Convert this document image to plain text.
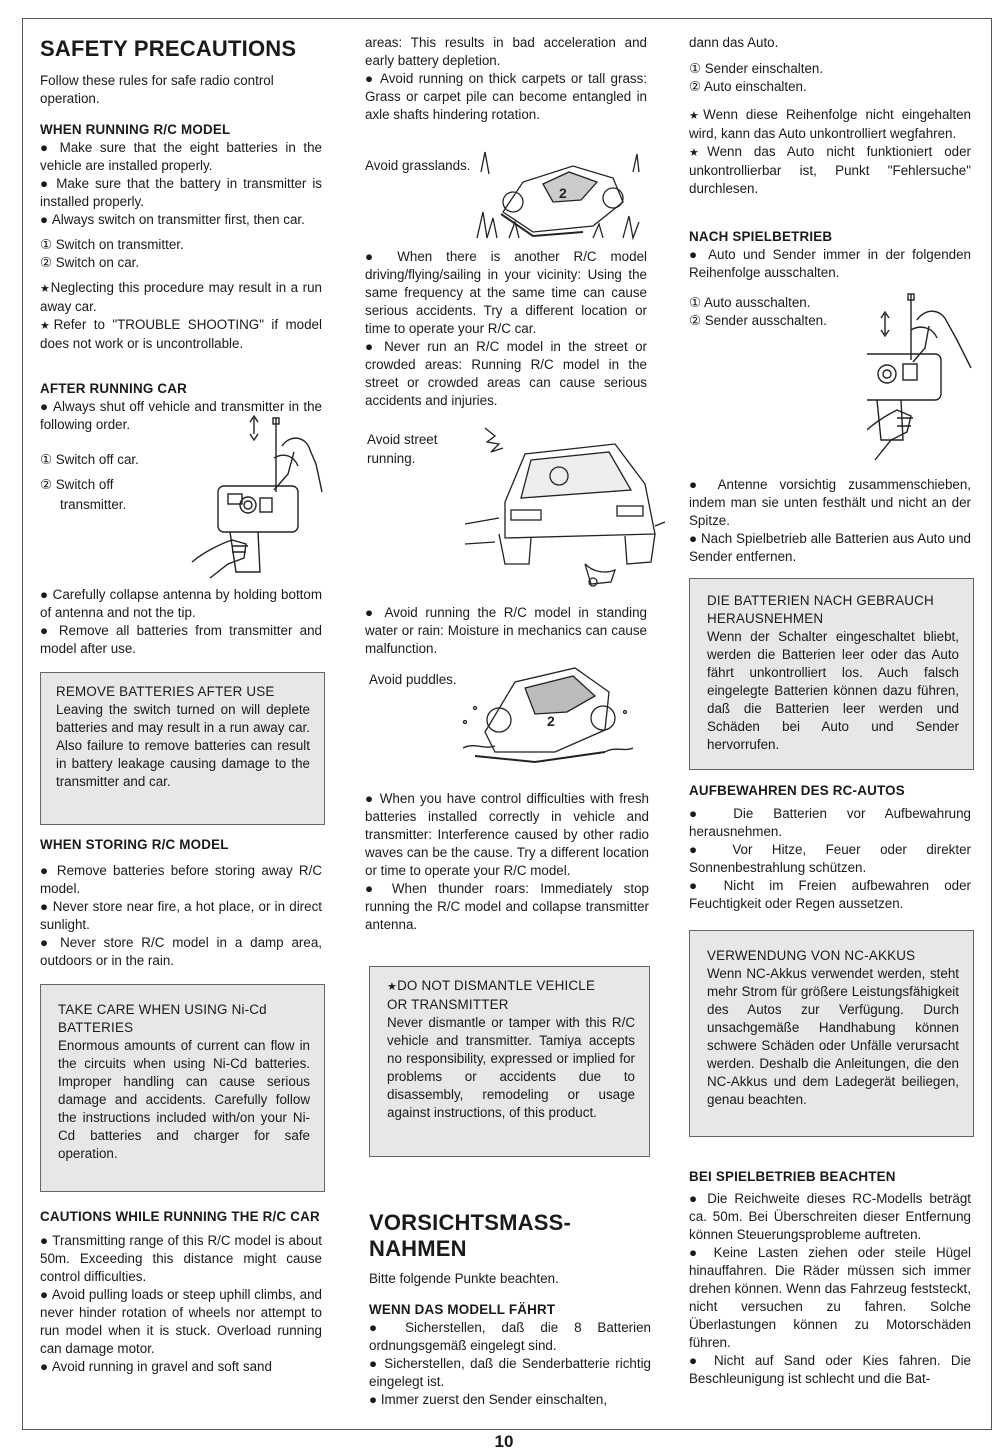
SAFETY PRECAUTIONS

Follow these rules for safe radio control operation.

WHEN RUNNING R/C MODEL

● Make sure that the eight batteries in the vehicle are installed properly.

● Make sure that the battery in transmitter is installed properly.

● Always switch on transmitter first, then car.

① Switch on transmitter.

② Switch on car.

★ Neglecting this procedure may result in a run away car.

★ Refer to "TROUBLE SHOOTING" if model does not work or is uncontrollable.

AFTER RUNNING CAR

● Always shut off vehicle and transmitter in the following order.

① Switch off car.

② Switch off

transmitter.

● Carefully collapse antenna by holding bottom of antenna and not the tip.

● Remove all batteries from transmitter and model after use.

REMOVE BATTERIES AFTER USE

Leaving the switch turned on will deplete batteries and may result in a run away car. Also failure to remove batteries can result in battery leakage causing damage to the transmitter and car.

WHEN STORING R/C MODEL

● Remove batteries before storing away R/C model.

● Never store near fire, a hot place, or in direct sunlight.

● Never store R/C model in a damp area, outdoors or in the rain.

TAKE CARE WHEN USING Ni-Cd

BATTERIES

Enormous amounts of current can flow in the circuits when using Ni-Cd batteries. Improper handling can cause serious damage and accidents. Carefully follow the instructions included with/on your Ni-Cd batteries and charger for safe operation.

CAUTIONS WHILE RUNNING THE R/C CAR

● Transmitting range of this R/C model is about 50m. Exceeding this distance might cause control difficulties.

● Avoid pulling loads or steep uphill climbs, and never hinder rotation of wheels nor attempt to run model when it is stuck. Overload running can damage motor.

● Avoid running in gravel and soft sand

areas: This results in bad acceleration and early battery depletion.

● Avoid running on thick carpets or tall grass: Grass or carpet pile can become entangled in axle shafts hindering rotation.

Avoid grasslands.

2

● When there is another R/C model driving/flying/sailing in your vicinity: Using the same frequency at the same time can cause serious accidents. Try a different location or time to operate your R/C car.

● Never run an R/C model in the street or crowded areas: Running R/C model in the street or crowded areas can cause serious accidents and injuries.

Avoid street

running.

● Avoid running the R/C model in standing water or rain: Moisture in mechanics can cause malfunction.

Avoid puddles.

2

● When you have control difficulties with fresh batteries installed correctly in vehicle and transmitter: Interference caused by other radio waves can be the cause. Try a different location or time to operate your R/C model.

● When thunder roars: Immediately stop running the R/C model and collapse transmitter antenna.

★ DO NOT DISMANTLE VEHICLE

OR TRANSMITTER

Never dismantle or tamper with this R/C vehicle and transmitter. Tamiya accepts no responsibility, expressed or implied for problems or accidents due to disassembly, remodeling or usage against instructions, of this product.

VORSICHTSMASS-
NAHMEN

Bitte folgende Punkte beachten.

WENN DAS MODELL FÄHRT

● Sicherstellen, daß die 8 Batterien ordnungsgemäß eingelegt sind.

● Sicherstellen, daß die Senderbatterie richtig eingelegt ist.

● Immer zuerst den Sender einschalten,

dann das Auto.

① Sender einschalten.

② Auto einschalten.

★ Wenn diese Reihenfolge nicht eingehalten wird, kann das Auto unkontrolliert wegfahren.

★ Wenn das Auto nicht funktioniert oder unkontrollierbar ist, Punkt "Fehlersuche" durchlesen.

NACH SPIELBETRIEB

● Auto und Sender immer in der folgenden Reihenfolge ausschalten.

① Auto ausschalten.

② Sender ausschalten.

● Antenne vorsichtig zusammenschieben, indem man sie unten festhält und nicht an der Spitze.

● Nach Spielbetrieb alle Batterien aus Auto und Sender entfernen.

DIE BATTERIEN NACH GEBRAUCH

HERAUSNEHMEN

Wenn der Schalter eingeschaltet bliebt, werden die Batterien leer oder das Auto fährt unkontrolliert los. Auch falsch eingelegte Batterien können dazu führen, daß die Batterien leer werden und Schäden bei Auto und Sender hervorrufen.

AUFBEWAHREN DES RC-AUTOS

● Die Batterien vor Aufbewahrung herausnehmen.

● Vor Hitze, Feuer oder direkter Sonnenbestrahlung schützen.

● Nicht im Freien aufbewahren oder Feuchtigkeit oder Regen aussetzen.

VERWENDUNG VON NC-AKKUS

Wenn NC-Akkus verwendet werden, steht mehr Strom für größere Leistungsfähigkeit des Autos zur Verfügung. Durch unsachgemäße Handhabung können schwere Schäden oder Unfälle verursacht werden. Deshalb die Anleitungen, die den NC-Akkus und dem Ladegerät beiliegen, genau beachten.

BEI SPIELBETRIEB BEACHTEN

● Die Reichweite dieses RC-Modells beträgt ca. 50m. Bei Überschreiten dieser Entfernung können Steuerungsprobleme auftreten.

● Keine Lasten ziehen oder steile Hügel hinauffahren. Die Räder müssen sich immer drehen können. Wenn das Fahrzeug feststeckt, nicht versuchen zu fahren. Solche Überlastungen können zu Motorschäden führen.

● Nicht auf Sand oder Kies fahren. Die Beschleunigung ist schlecht und die Bat-

10
